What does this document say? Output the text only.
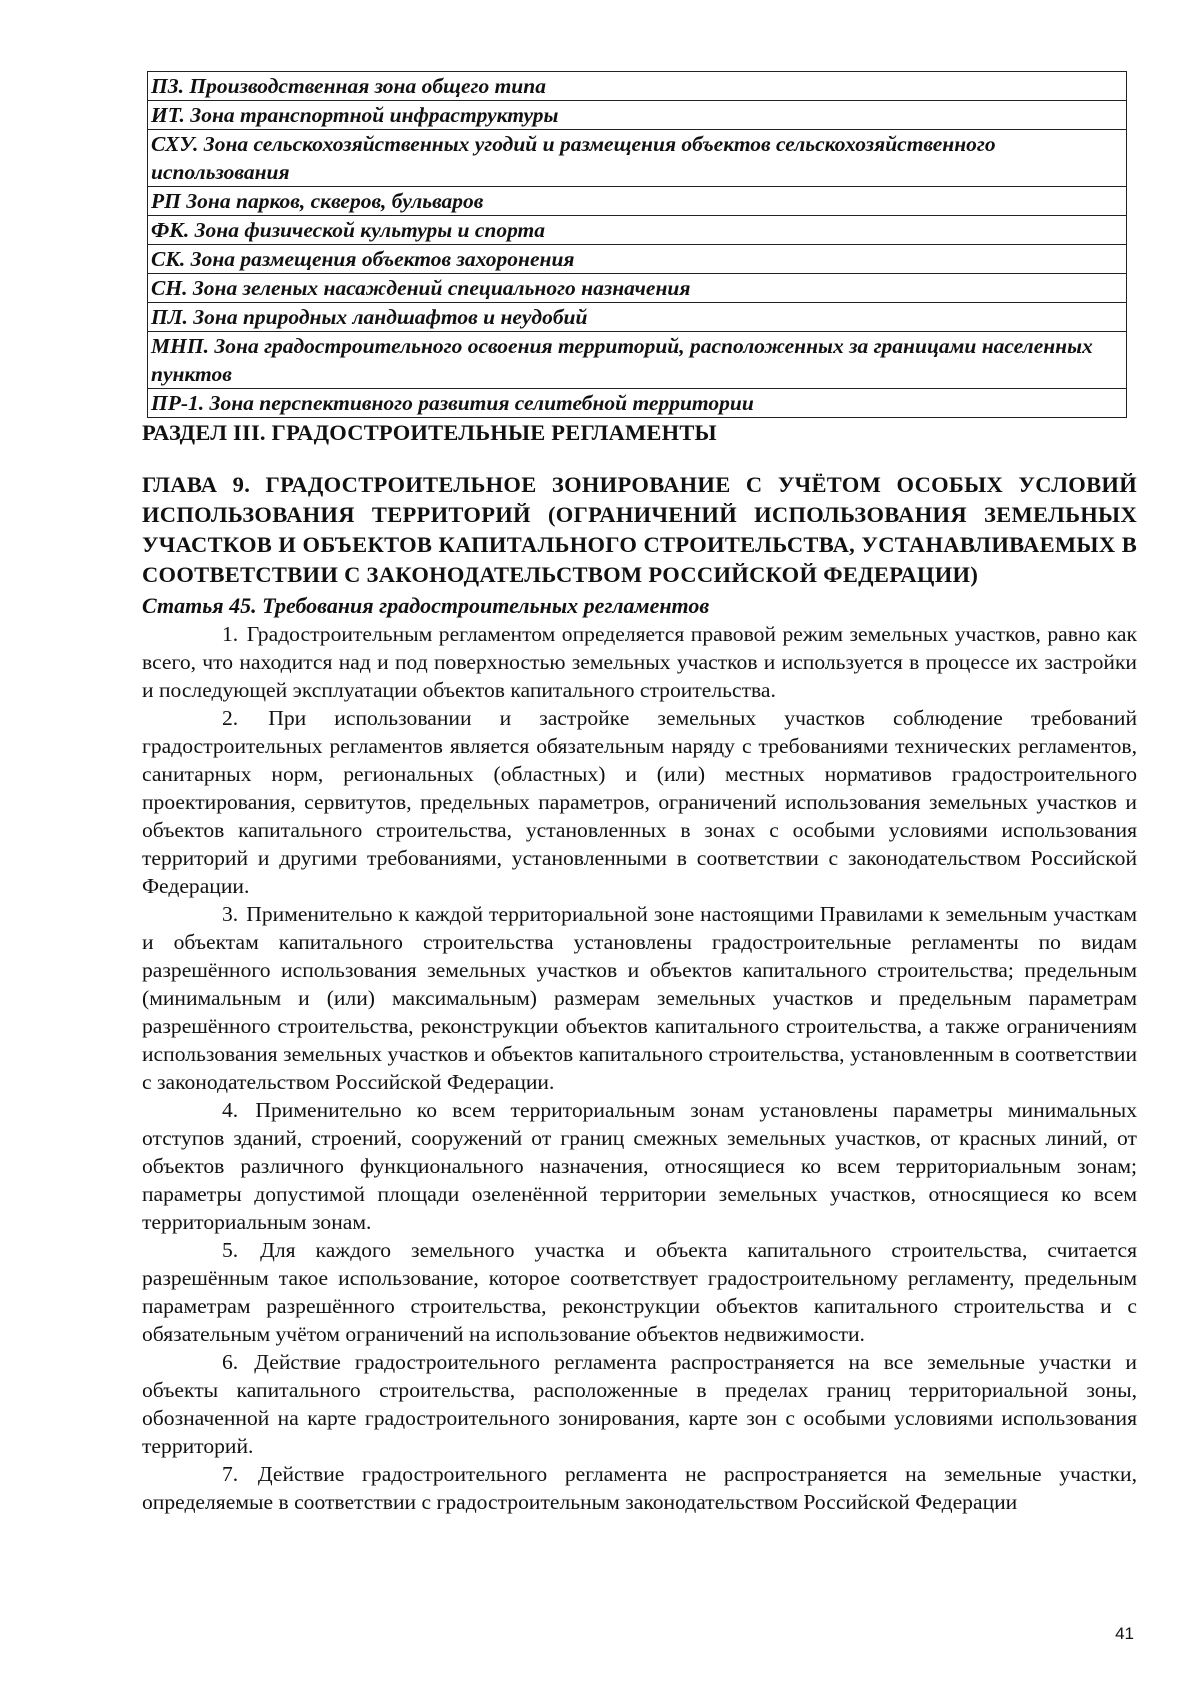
ПЗ. Производственная зона общего типа
ИТ. Зона транспортной инфраструктуры
СХУ. Зона сельскохозяйственных угодий и размещения объектов сельскохозяйственного использования
РП Зона парков, скверов, бульваров
ФК. Зона физической культуры и спорта
СК. Зона размещения объектов захоронения
СН. Зона зеленых насаждений специального назначения
ПЛ. Зона природных ландшафтов и неудобий
МНП. Зона градостроительного освоения территорий, расположенных за границами населенных пунктов
ПР-1. Зона перспективного развития селитебной территории
РАЗДЕЛ III. ГРАДОСТРОИТЕЛЬНЫЕ РЕГЛАМЕНТЫ
ГЛАВА 9. ГРАДОСТРОИТЕЛЬНОЕ ЗОНИРОВАНИЕ С УЧЁТОМ ОСОБЫХ УСЛОВИЙ ИСПОЛЬЗОВАНИЯ ТЕРРИТОРИЙ (ОГРАНИЧЕНИЙ ИСПОЛЬЗОВАНИЯ ЗЕМЕЛЬНЫХ УЧАСТКОВ И ОБЪЕКТОВ КАПИТАЛЬНОГО СТРОИТЕЛЬСТВА, УСТАНАВЛИВАЕМЫХ В СООТВЕТСТВИИ С ЗАКОНОДАТЕЛЬСТВОМ РОССИЙСКОЙ ФЕДЕРАЦИИ)
Статья 45. Требования градостроительных регламентов

1. Градостроительным регламентом определяется правовой режим земельных участков, равно как всего, что находится над и под поверхностью земельных участков и используется в процессе их застройки и последующей эксплуатации объектов капитального строительства.

2. При использовании и застройке земельных участков соблюдение требований градостроительных регламентов является обязательным наряду с требованиями технических регламентов, санитарных норм, региональных (областных) и (или) местных нормативов градостроительного проектирования, сервитутов, предельных параметров, ограничений использования земельных участков и объектов капитального строительства, установленных в зонах с особыми условиями использования территорий и другими требованиями, установленными в соответствии с законодательством Российской Федерации.

3. Применительно к каждой территориальной зоне настоящими Правилами к земельным участкам и объектам капитального строительства установлены градостроительные регламенты по видам разрешённого использования земельных участков и объектов капитального строительства; предельным (минимальным и (или) максимальным) размерам земельных участков и предельным параметрам разрешённого строительства, реконструкции объектов капитального строительства, а также ограничениям использования земельных участков и объектов капитального строительства, установленным в соответствии с законодательством Российской Федерации.

4. Применительно ко всем территориальным зонам установлены параметры минимальных отступов зданий, строений, сооружений от границ смежных земельных участков, от красных линий, от объектов различного функционального назначения, относящиеся ко всем территориальным зонам; параметры допустимой площади озеленённой территории земельных участков, относящиеся ко всем территориальным зонам.

5. Для каждого земельного участка и объекта капитального строительства, считается разрешённым такое использование, которое соответствует градостроительному регламенту, предельным параметрам разрешённого строительства, реконструкции объектов капитального строительства и с обязательным учётом ограничений на использование объектов недвижимости.

6. Действие градостроительного регламента распространяется на все земельные участки и объекты капитального строительства, расположенные в пределах границ территориальной зоны, обозначенной на карте градостроительного зонирования, карте зон с особыми условиями использования территорий.

7. Действие градостроительного регламента не распространяется на земельные участки, определяемые в соответствии с градостроительным законодательством Российской Федерации

41
